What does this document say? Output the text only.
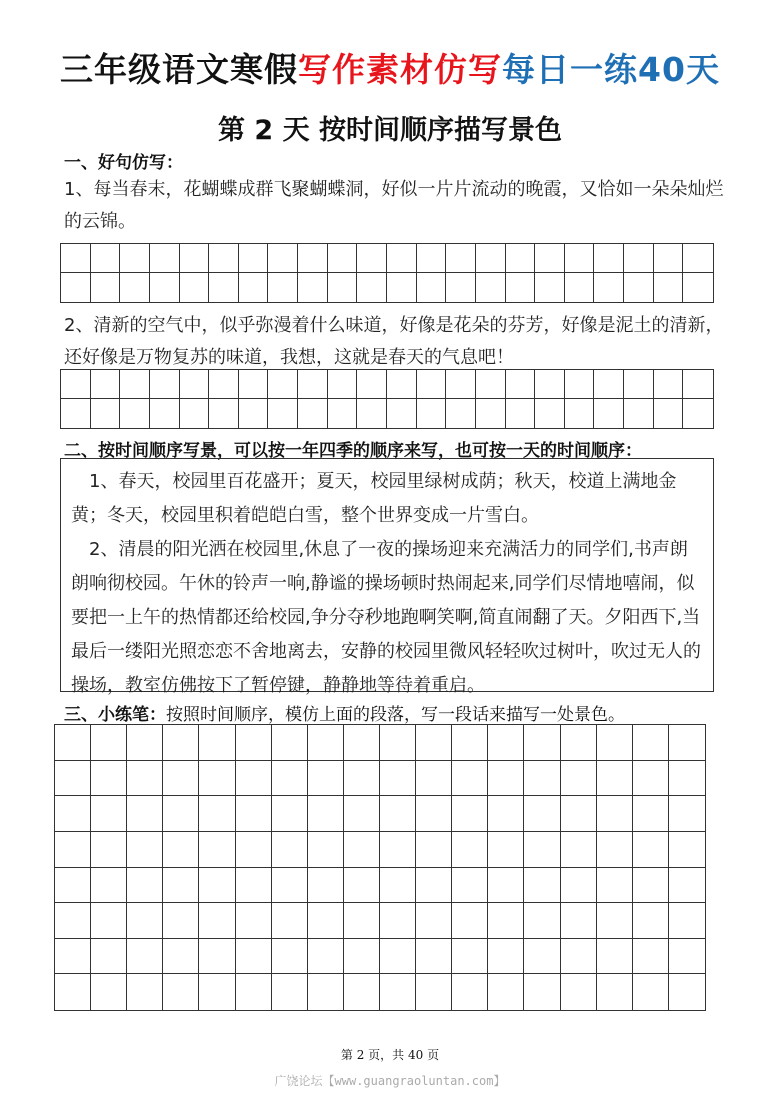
三年级语文寒假写作素材仿写每日一练40天
第 2 天 按时间顺序描写景色
一、好句仿写：
1、每当春末，花蝴蝶成群飞聚蝴蝶洞，好似一片片流动的晚霞，又恰如一朵朵灿烂的云锦。
2、清新的空气中，似乎弥漫着什么味道，好像是花朵的芬芳，好像是泥土的清新，还好像是万物复苏的味道，我想，这就是春天的气息吧！
二、按时间顺序写景，可以按一年四季的顺序来写，也可按一天的时间顺序：

1、春天，校园里百花盛开；夏天，校园里绿树成荫；秋天，校道上满地金黄；冬天，校园里积着皑皑白雪，整个世界变成一片雪白。

2、清晨的阳光洒在校园里,休息了一夜的操场迎来充满活力的同学们,书声朗朗响彻校园。午休的铃声一响,静谧的操场顿时热闹起来,同学们尽情地嘻闹，似要把一上午的热情都还给校园,争分夺秒地跑啊笑啊,简直闹翻了天。夕阳西下,当最后一缕阳光照恋恋不舍地离去，安静的校园里微风轻轻吹过树叶，吹过无人的操场，教室仿佛按下了暂停键，静静地等待着重启。

三、小练笔：按照时间顺序，模仿上面的段落，写一段话来描写一处景色。
第 2 页，共 40 页
广饶论坛【www.guangraoluntan.com】
